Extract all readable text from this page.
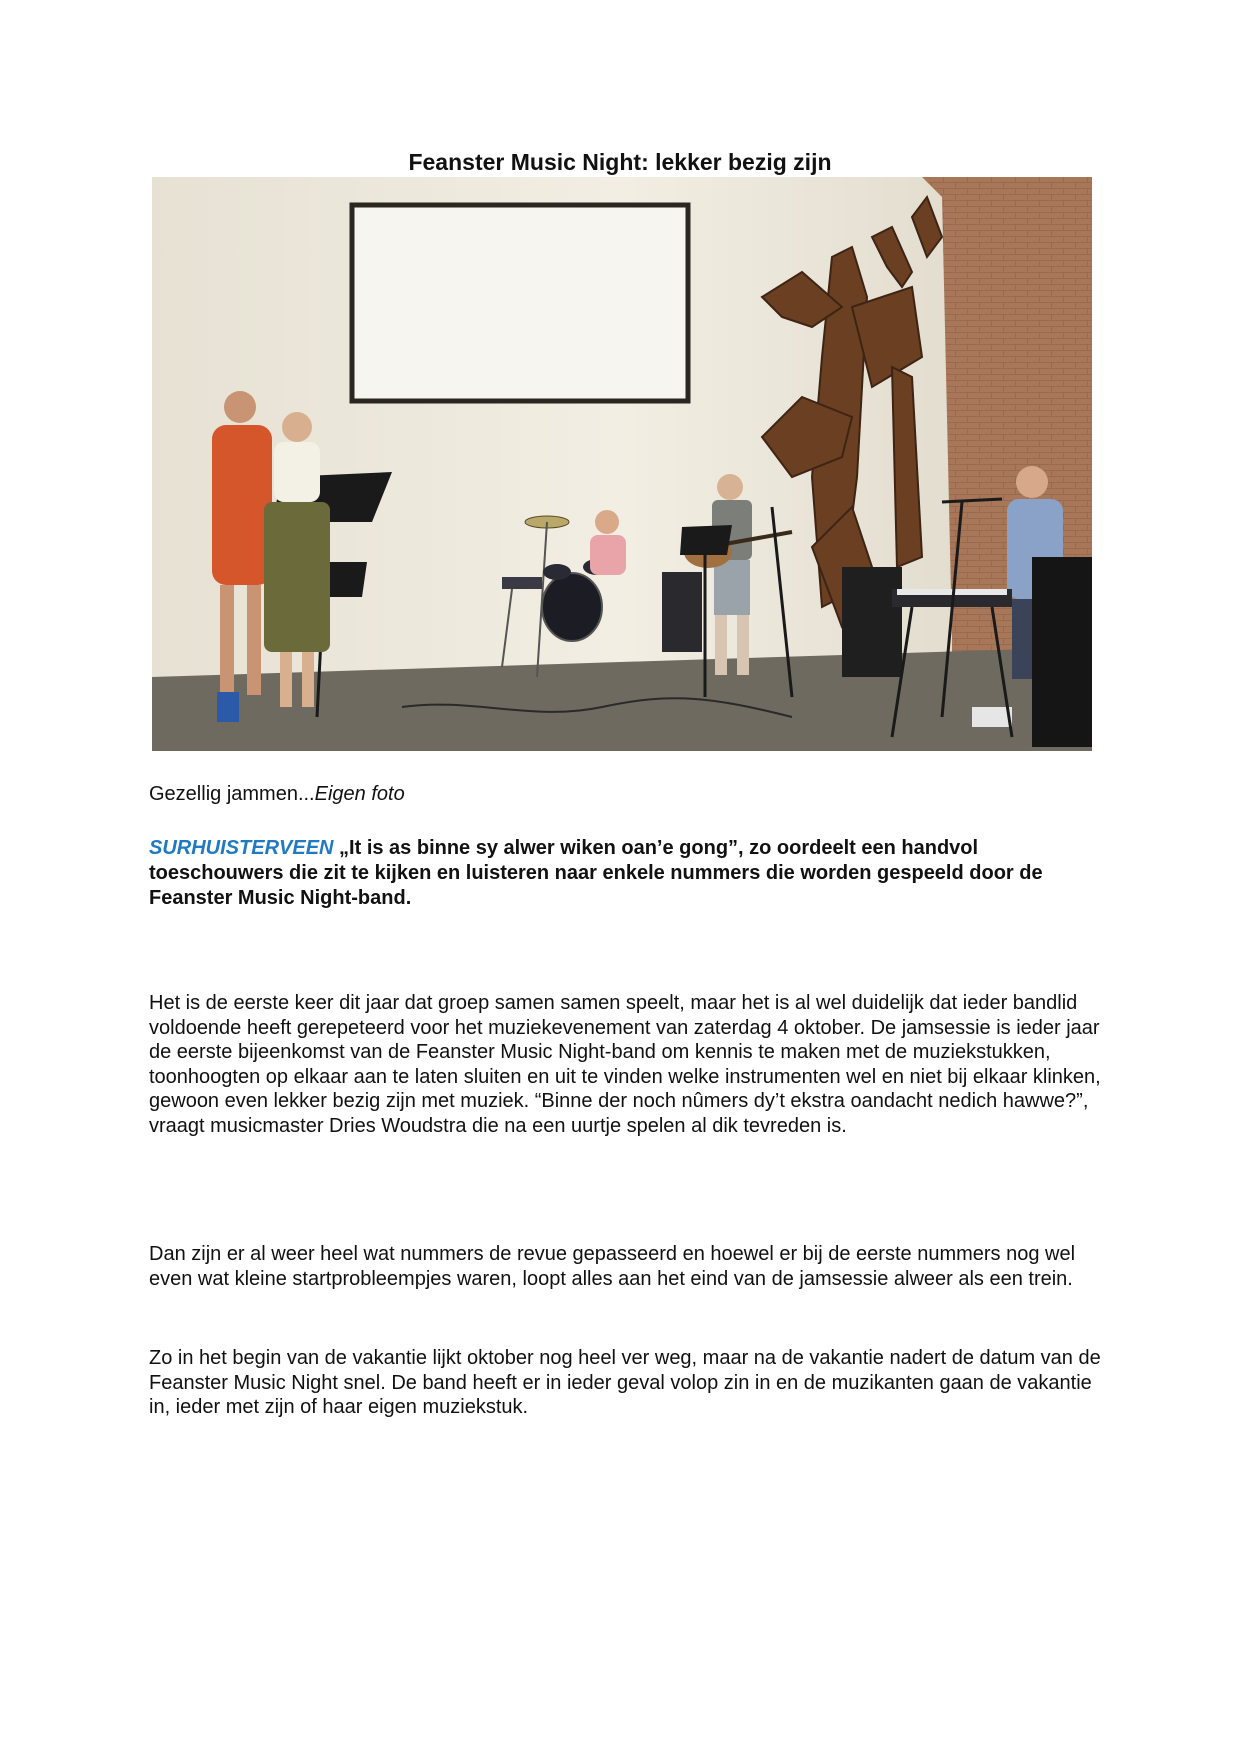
Feanster Music Night: lekker bezig zijn

Gezellig jammen...Eigen foto

SURHUISTERVEEN „It is as binne sy alwer wiken oan’e gong”, zo oordeelt een handvol toeschouwers die zit te kijken en luisteren naar enkele nummers die worden gespeeld door de Feanster Music Night-band.

Het is de eerste keer dit jaar dat groep samen samen speelt, maar het is al wel duidelijk dat ieder bandlid voldoende heeft gerepeteerd voor het muziekevenement van zaterdag 4 oktober. De jamsessie is ieder jaar de eerste bijeenkomst van de Feanster Music Night-band om kennis te maken met de muziekstukken, toonhoogten op elkaar aan te laten sluiten en uit te vinden welke instrumenten wel en niet bij elkaar klinken, gewoon even lekker bezig zijn met muziek. “Binne der noch nûmers dy’t ekstra oandacht nedich hawwe?”, vraagt musicmaster Dries Woudstra die na een uurtje spelen al dik tevreden is.

Dan zijn er al weer heel wat nummers de revue gepasseerd en hoewel er bij de eerste nummers nog wel even wat kleine startprobleempjes waren, loopt alles aan het eind van de jamsessie alweer als een trein.

Zo in het begin van de vakantie lijkt oktober nog heel ver weg, maar na de vakantie nadert de datum van de Feanster Music Night snel. De band heeft er in ieder geval volop zin in en de muzikanten gaan de vakantie in, ieder met zijn of haar eigen muziekstuk.
